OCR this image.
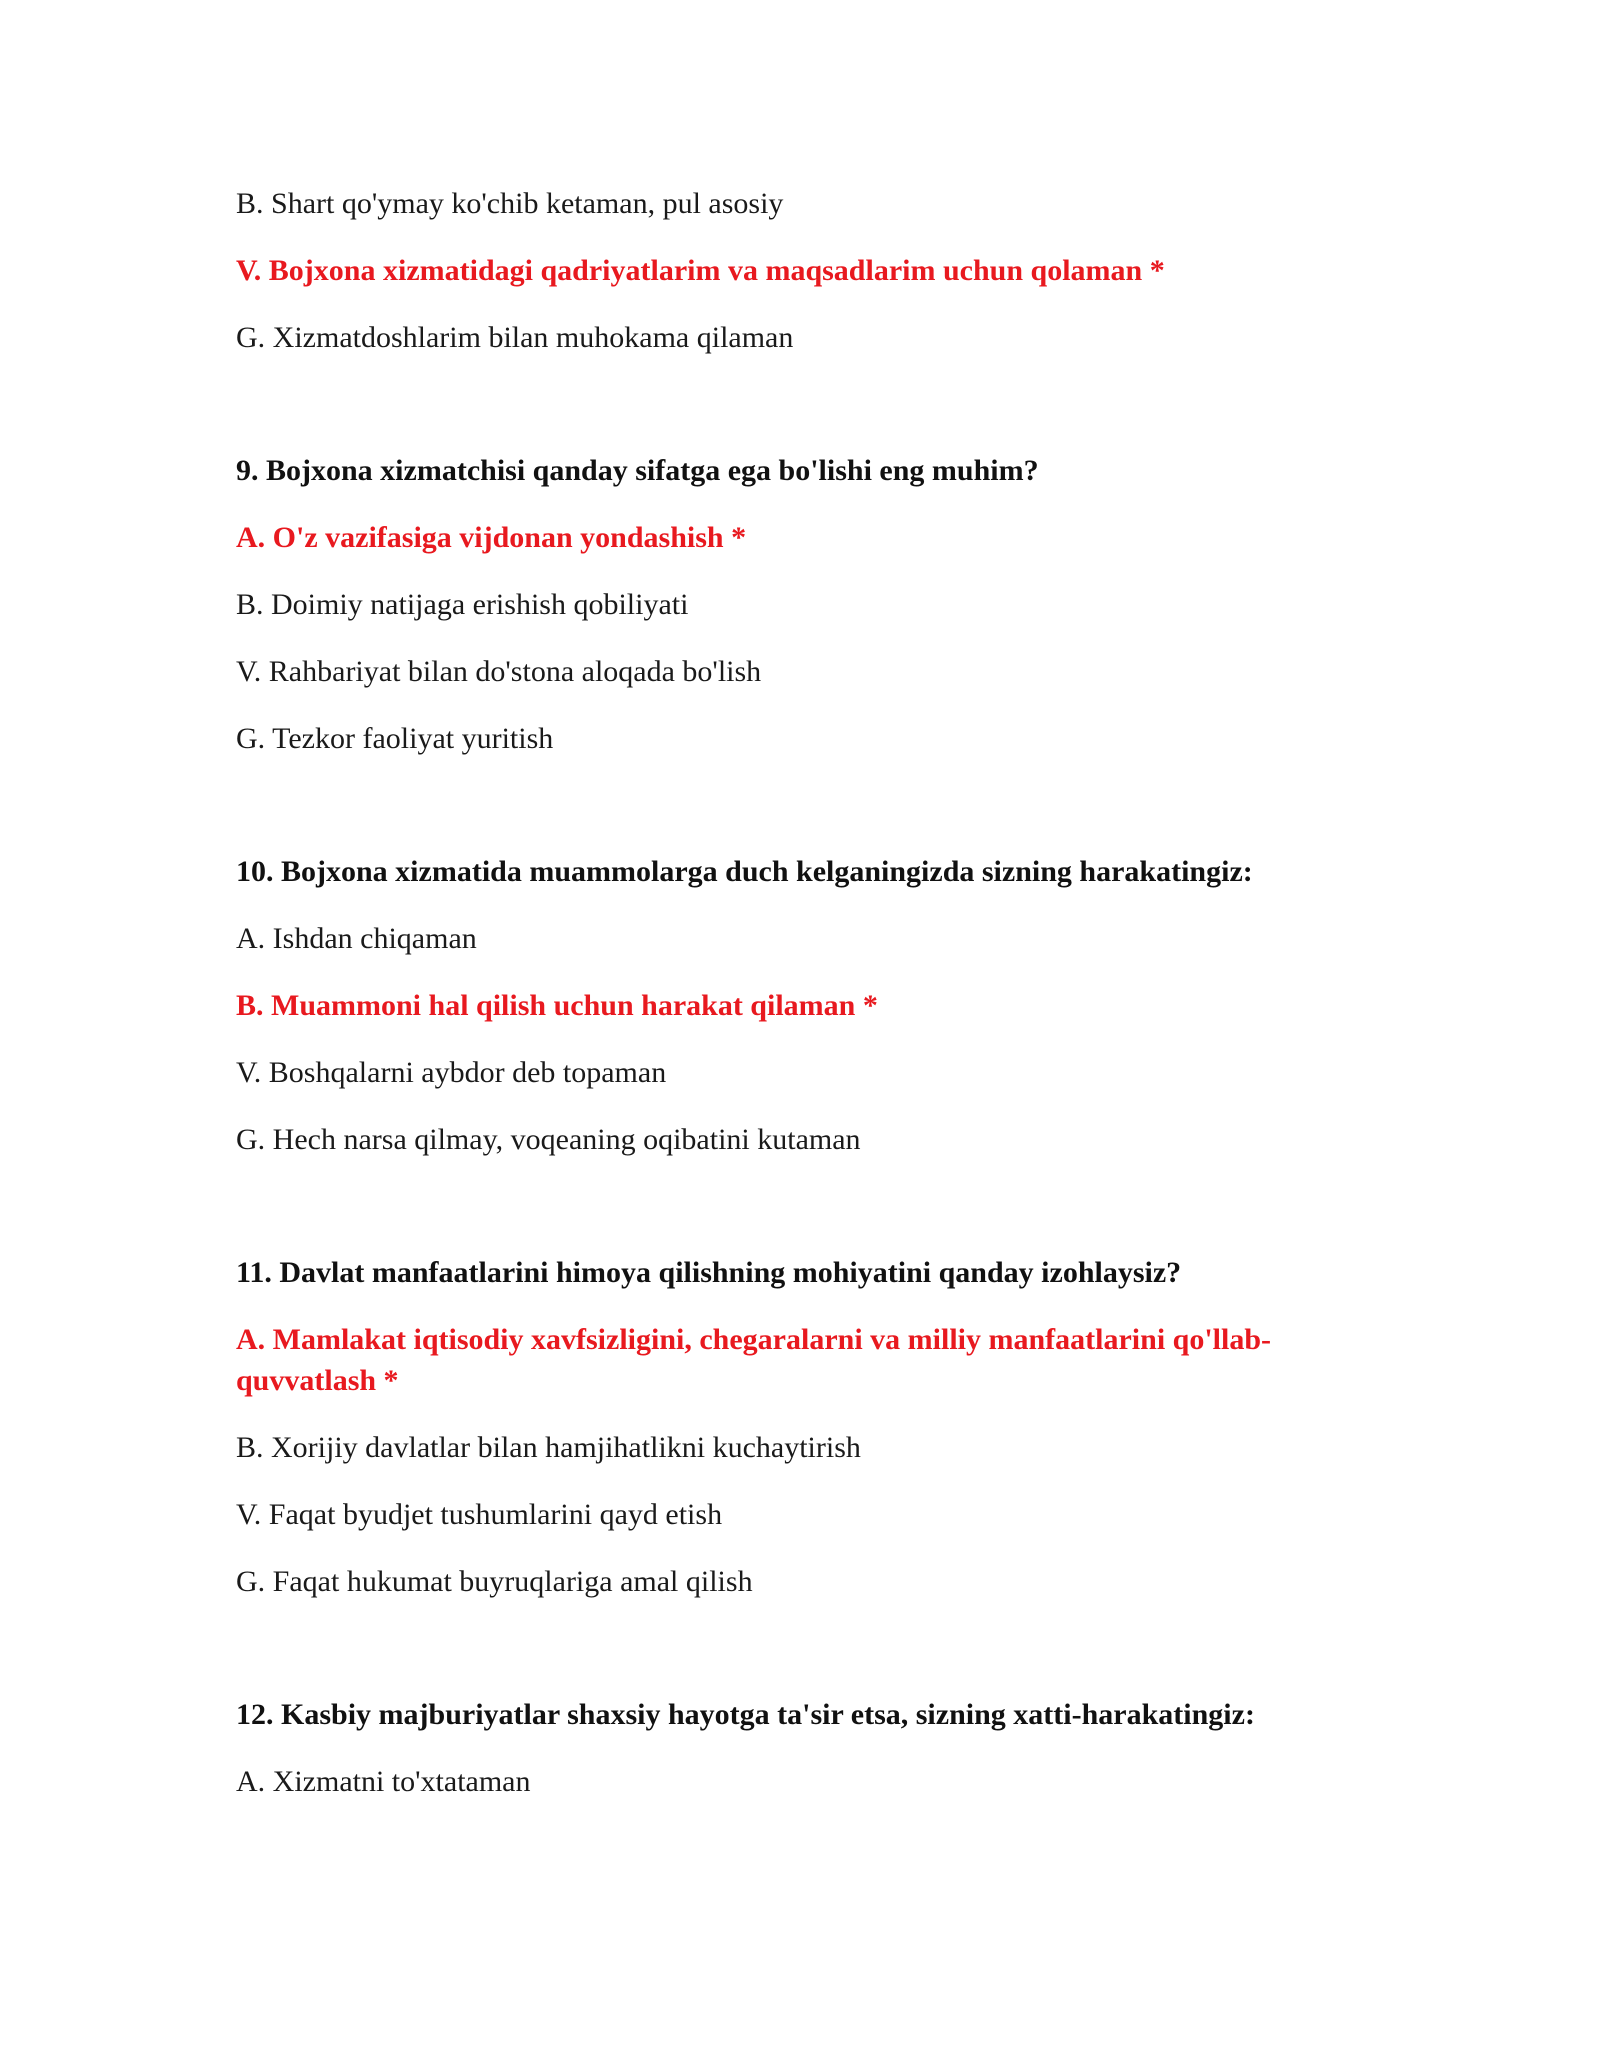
B. Shart qo'ymay ko'chib ketaman, pul asosiy
V. Bojxona xizmatidagi qadriyatlarim va maqsadlarim uchun qolaman *
G. Xizmatdoshlarim bilan muhokama qilaman
9. Bojxona xizmatchisi qanday sifatga ega bo'lishi eng muhim?
A. O'z vazifasiga vijdonan yondashish *
B. Doimiy natijaga erishish qobiliyati
V. Rahbariyat bilan do'stona aloqada bo'lish
G. Tezkor faoliyat yuritish
10. Bojxona xizmatida muammolarga duch kelganingizda sizning harakatingiz:
A. Ishdan chiqaman
B. Muammoni hal qilish uchun harakat qilaman *
V. Boshqalarni aybdor deb topaman
G. Hech narsa qilmay, voqeaning oqibatini kutaman
11. Davlat manfaatlarini himoya qilishning mohiyatini qanday izohlaysiz?
A. Mamlakat iqtisodiy xavfsizligini, chegaralarni va milliy manfaatlarini qo'llab-
quvvatlash *
B. Xorijiy davlatlar bilan hamjihatlikni kuchaytirish
V. Faqat byudjet tushumlarini qayd etish
G. Faqat hukumat buyruqlariga amal qilish
12. Kasbiy majburiyatlar shaxsiy hayotga ta'sir etsa, sizning xatti-harakatingiz:
A. Xizmatni to'xtataman
